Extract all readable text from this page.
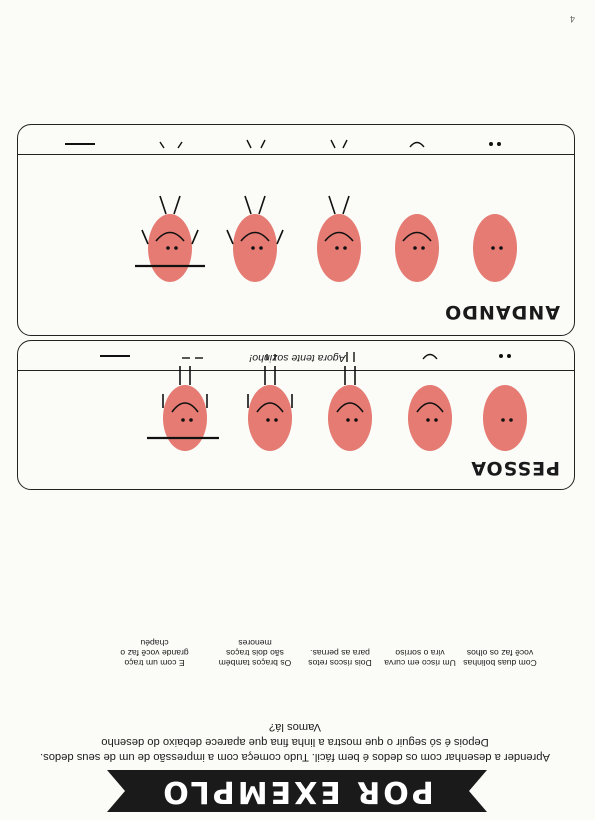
POR EXEMPLO
Aprender a desenhar com os dedos é bem fácil. Tudo começa com a impressão de um de seus dedos.
Depois é só seguir o que mostra a linha fina que aparece debaixo do desenho
Vamos lá?
PESSOA
Com duas bolinhas você faz os olhos
Um risco em curva vira o sorriso
Dois riscos retos para as pernas.
Os braços também são dois traços menores
E com um traço grande você faz o chapéu
Agora tente sozinho!
ANDANDO
4
